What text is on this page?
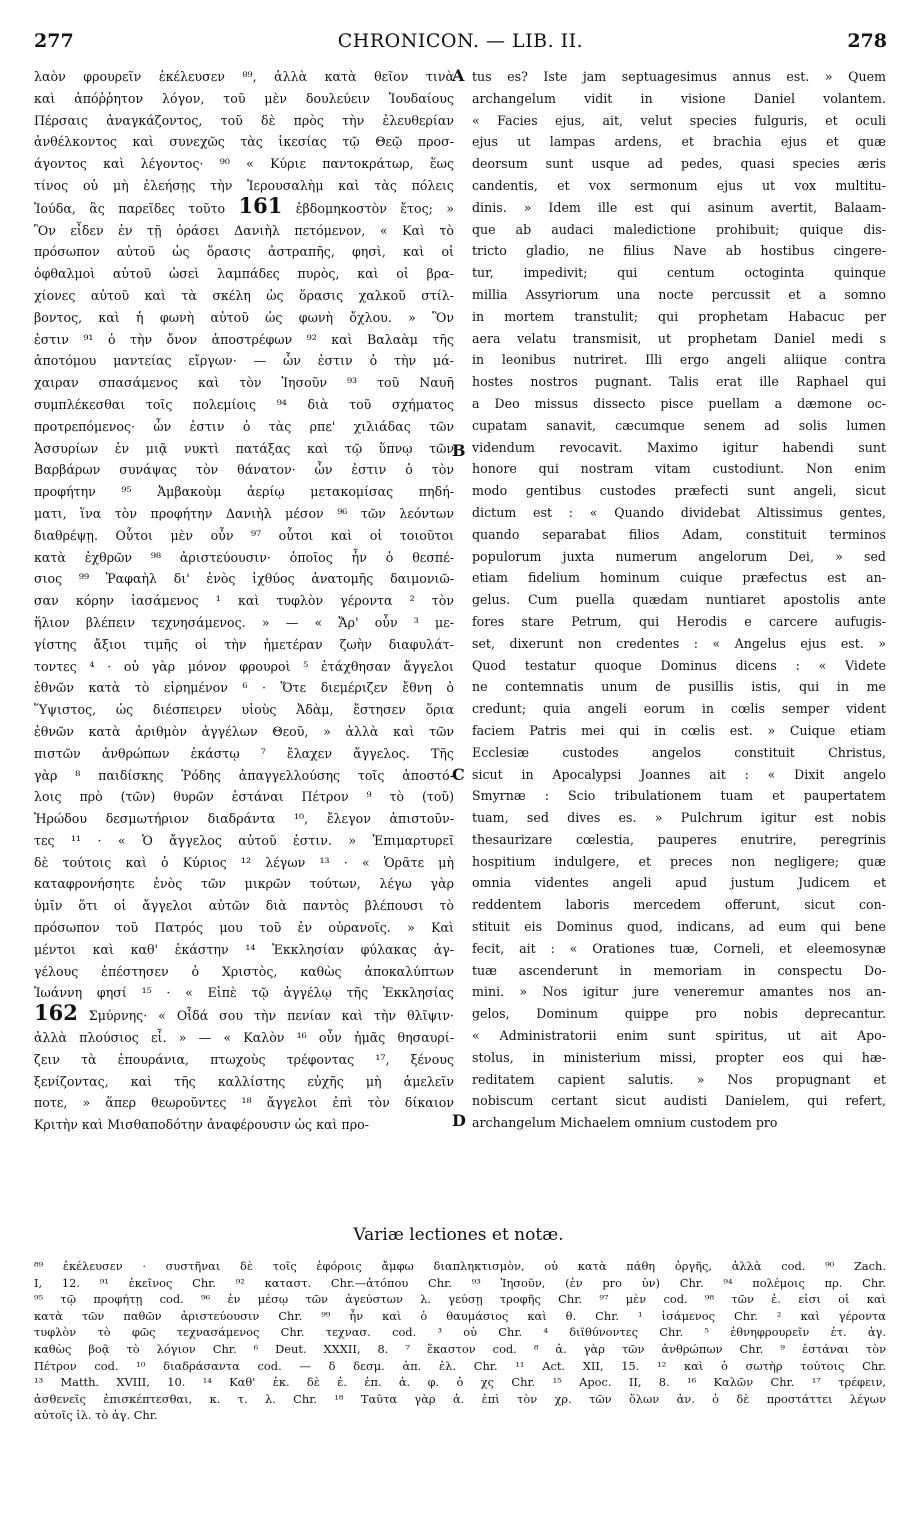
277	CHRONICON. — LIB. II.	278

λαὸν φρουρεῖν ἐκέλευσεν ⁸⁹, ἀλλὰ κατὰ θεῖον τινὰ

καὶ ἀπόῤῥητον λόγον, τοῦ μὲν δουλεύειν Ἰουδαίους

Πέρσαις ἀναγκάζοντος, τοῦ δὲ πρὸς τὴν ἐλευθερίαν

ἀνθέλκοντος καὶ συνεχῶς τὰς ἱκεσίας τῷ Θεῷ προσ-

άγοντος καὶ λέγοντος· ⁹⁰ « Κύριε παντοκράτωρ, ἕως

τίνος οὐ μὴ ἐλεήσῃς τὴν Ἱερουσαλὴμ καὶ τὰς πόλεις

Ἰούδα, ἃς παρεῖδες τοῦτο 161 ἑβδομηκοστὸν ἔτος; »

Ὃν εἶδεν ἐν τῇ ὁράσει Δανιὴλ πετόμενον, « Καὶ τὸ

πρόσωπον αὐτοῦ ὡς ὅρασις ἀστραπῆς, φησὶ, καὶ οἱ

ὀφθαλμοὶ αὐτοῦ ὡσεὶ λαμπάδες πυρὸς, καὶ οἱ βρα-

χίονες αὐτοῦ καὶ τὰ σκέλη ὡς ὅρασις χαλκοῦ στίλ-

βοντος, καὶ ἡ φωνὴ αὐτοῦ ὡς φωνὴ ὄχλου. » Ὃν

ἐστιν ⁹¹ ὁ τὴν ὄνον ἀποστρέφων ⁹² καὶ Βαλαὰμ τῆς

ἀποτόμου μαντείας εἴργων· — ὧν ἐστιν ὁ τὴν μά-

χαιραν σπασάμενος καὶ τὸν Ἰησοῦν ⁹³ τοῦ Ναυῆ

συμπλέκεσθαι τοῖς πολεμίοις ⁹⁴ διὰ τοῦ σχήματος

προτρεπόμενος· ὧν ἐστιν ὁ τὰς ρπε' χιλιάδας τῶν

Ἀσσυρίων ἐν μιᾷ νυκτὶ πατάξας καὶ τῷ ὕπνῳ τῶν

Βαρβάρων συνάψας τὸν θάνατον· ὧν ἐστιν ὁ τὸν

προφήτην ⁹⁵ Ἀμβακοὺμ ἀερίῳ μετακομίσας πηδή-

ματι, ἵνα τὸν προφήτην Δανιὴλ μέσον ⁹⁶ τῶν λεόντων

διαθρέψῃ. Οὗτοι μὲν οὖν ⁹⁷ οὗτοι καὶ οἱ τοιοῦτοι

κατὰ ἐχθρῶν ⁹⁸ ἀριστεύουσιν· ὁποῖος ἦν ὁ θεσπέ-

σιος ⁹⁹ Ῥαφαὴλ δι' ἑνὸς ἰχθύος ἀνατομῆς δαιμονιῶ-

σαν κόρην ἰασάμενος ¹ καὶ τυφλὸν γέροντα ² τὸν

ἥλιον βλέπειν τεχνησάμενος. » — « Ἄρ' οὖν ³ με-

γίστης ἄξιοι τιμῆς οἱ τὴν ἡμετέραν ζωὴν διαφυλάτ-

τοντες ⁴ · οὐ γὰρ μόνον φρουροὶ ⁵ ἐτάχθησαν ἄγγελοι

ἐθνῶν κατὰ τὸ εἰρημένον ⁶ · Ὅτε διεμέριζεν ἔθνη ὁ

Ὕψιστος, ὡς διέσπειρεν υἱοὺς Ἀδὰμ, ἔστησεν ὅρια

ἐθνῶν κατὰ ἀριθμὸν ἀγγέλων Θεοῦ, » ἀλλὰ καὶ τῶν

πιστῶν ἀνθρώπων ἑκάστῳ ⁷ ἔλαχεν ἄγγελος. Τῆς

γὰρ ⁸ παιδίσκης Ῥόδης ἀπαγγελλούσης τοῖς ἀποστό-

λοις πρὸ (τῶν) θυρῶν ἑστάναι Πέτρον ⁹ τὸ (τοῦ)

Ἡρώδου δεσμωτήριον διαδράντα ¹⁰, ἔλεγον ἀπιστοῦν-

τες ¹¹ · « Ὁ ἄγγελος αὐτοῦ ἐστιν. » Ἐπιμαρτυρεῖ

δὲ τούτοις καὶ ὁ Κύριος ¹² λέγων ¹³ · « Ὁρᾶτε μὴ

καταφρονήσητε ἑνὸς τῶν μικρῶν τούτων, λέγω γὰρ

ὑμῖν ὅτι οἱ ἄγγελοι αὐτῶν διὰ παντὸς βλέπουσι τὸ

πρόσωπον τοῦ Πατρός μου τοῦ ἐν οὐρανοῖς. » Καὶ

μέντοι καὶ καθ' ἑκάστην ¹⁴ Ἐκκλησίαν φύλακας ἀγ-

γέλους ἐπέστησεν ὁ Χριστὸς, καθὼς ἀποκαλύπτων

Ἰωάννη φησί ¹⁵ · « Εἰπὲ τῷ ἀγγέλῳ τῆς Ἐκκλησίας

162 Σμύρνης· « Οἶδά σου τὴν πενίαν καὶ τὴν θλῖψιν·

ἀλλὰ πλούσιος εἶ. » — « Καλὸν ¹⁶ οὖν ἡμᾶς θησαυρί-

ζειν τὰ ἐπουράνια, πτωχοὺς τρέφοντας ¹⁷, ξένους

ξενίζοντας, καὶ τῆς καλλίστης εὐχῆς μὴ ἀμελεῖν

ποτε, » ἅπερ θεωροῦντες ¹⁸ ἄγγελοι ἐπὶ τὸν δίκαιον

Κριτὴν καὶ Μισθαποδότην ἀναφέρουσιν ὡς καὶ προ-

tus es? Iste jam septuagesimus annus est. » Quem

archangelum vidit in visione Daniel volantem.

« Facies ejus, ait, velut species fulguris, et oculi

ejus ut lampas ardens, et brachia ejus et quæ

deorsum sunt usque ad pedes, quasi species æris

candentis, et vox sermonum ejus ut vox multitu-

dinis. » Idem ille est qui asinum avertit, Balaam-

que ab audaci maledictione prohibuit; quique dis-

tricto gladio, ne filius Nave ab hostibus cingere-

tur, impedivit; qui centum octoginta quinque

millia Assyriorum una nocte percussit et a somno

in mortem transtulit; qui prophetam Habacuc per

aera velatu transmisit, ut prophetam Daniel medi s

in leonibus nutriret. Illi ergo angeli aliique contra

hostes nostros pugnant. Talis erat ille Raphael qui

a Deo missus dissecto pisce puellam a dæmone oc-

cupatam sanavit, cæcumque senem ad solis lumen

videndum revocavit. Maximo igitur habendi sunt

honore qui nostram vitam custodiunt. Non enim

modo gentibus custodes præfecti sunt angeli, sicut

dictum est : « Quando dividebat Altissimus gentes,

quando separabat filios Adam, constituit terminos

populorum juxta numerum angelorum Dei, » sed

etiam fidelium hominum cuique præfectus est an-

gelus. Cum puella quædam nuntiaret apostolis ante

fores stare Petrum, qui Herodis e carcere aufugis-

set, dixerunt non credentes : « Angelus ejus est. »

Quod testatur quoque Dominus dicens : « Videte

ne contemnatis unum de pusillis istis, qui in me

credunt; quia angeli eorum in cœlis semper vident

faciem Patris mei qui in cœlis est. » Cuique etiam

Ecclesiæ custodes angelos constituit Christus,

sicut in Apocalypsi Joannes ait : « Dixit angelo

Smyrnæ : Scio tribulationem tuam et paupertatem

tuam, sed dives es. » Pulchrum igitur est nobis

thesaurizare cœlestia, pauperes enutrire, peregrinis

hospitium indulgere, et preces non negligere; quæ

omnia videntes angeli apud justum Judicem et

reddentem laboris mercedem offerunt, sicut con-

stituit eis Dominus quod, indicans, ad eum qui bene

fecit, ait : « Orationes tuæ, Corneli, et eleemosynæ

tuæ ascenderunt in memoriam in conspectu Do-

mini. » Nos igitur jure veneremur amantes nos an-

gelos, Dominum quippe pro nobis deprecantur.

« Administratorii enim sunt spiritus, ut ait Apo-

stolus, in ministerium missi, propter eos qui hæ-

reditatem capient salutis. » Nos propugnant et

nobiscum certant sicut audisti Danielem, qui refert,

archangelum Michaelem omnium custodem pro

A
B
C
D
Variæ lectiones et notæ.

⁸⁹ ἐκέλευσεν · συστῆναι δὲ τοῖς ἐφόροις ἄμφω διαπληκτισμὸν, οὐ κατὰ πάθη ὀργῆς, ἀλλὰ cod. ⁹⁰ Zach.

I, 12. ⁹¹ ἐκεῖνος Chr. ⁹² καταστ. Chr.—ἀτόπου Chr. ⁹³ Ἰησοῦν, (ἐν pro ὑν) Chr. ⁹⁴ πολέμοις πρ. Chr.

⁹⁵ τῷ προφήτῃ cod. ⁹⁶ ἐν μέσῳ τῶν ἀγεύστων λ. γεύσῃ τροφῆς Chr. ⁹⁷ μὲν cod. ⁹⁸ τῶν ἐ. εἰσι οἱ καὶ

κατὰ τῶν παθῶν ἀριστεύουσιν Chr. ⁹⁹ ἦν καὶ ὁ θαυμάσιος καὶ θ. Chr. ¹ ἰσάμενος Chr. ² καὶ γέροντα

τυφλὸν τὸ φῶς τεχνασάμενος Chr. τεχνασ. cod. ³ οὐ Chr. ⁴ διϊθύνοντες Chr. ⁵ ἐθνηφρουρεῖν ἐτ. ἀγ.

καθὼς βοᾷ τὸ λόγιον Chr. ⁶ Deut. XXXII, 8. ⁷ ἕκαστον cod. ⁸ ἀ. γὰρ τῶν ἀνθρώπων Chr. ⁹ ἑστάναι τὸν

Πέτρον cod. ¹⁰ διαδράσαντα cod. — δ δεσμ. ἀπ. ἐλ. Chr. ¹¹ Act. XII, 15. ¹² καὶ ὁ σωτὴρ τούτοις Chr.

¹³ Matth. XVIII, 10. ¹⁴ Καθ' ἑκ. δὲ ἐ. ἐπ. ἀ. φ. ὁ χς Chr. ¹⁵ Apoc. II, 8. ¹⁶ Καλῶν Chr. ¹⁷ τρέφειν,

ἀσθενεῖς ἐπισκέπτεσθαι, κ. τ. λ. Chr. ¹⁸ Ταῦτα γὰρ ἀ. ἐπὶ τὸν χρ. τῶν ὅλων ἀν. ὁ δὲ προστάττει λέγων

αὐτοῖς ἱλ. τὸ ἀγ. Chr.
